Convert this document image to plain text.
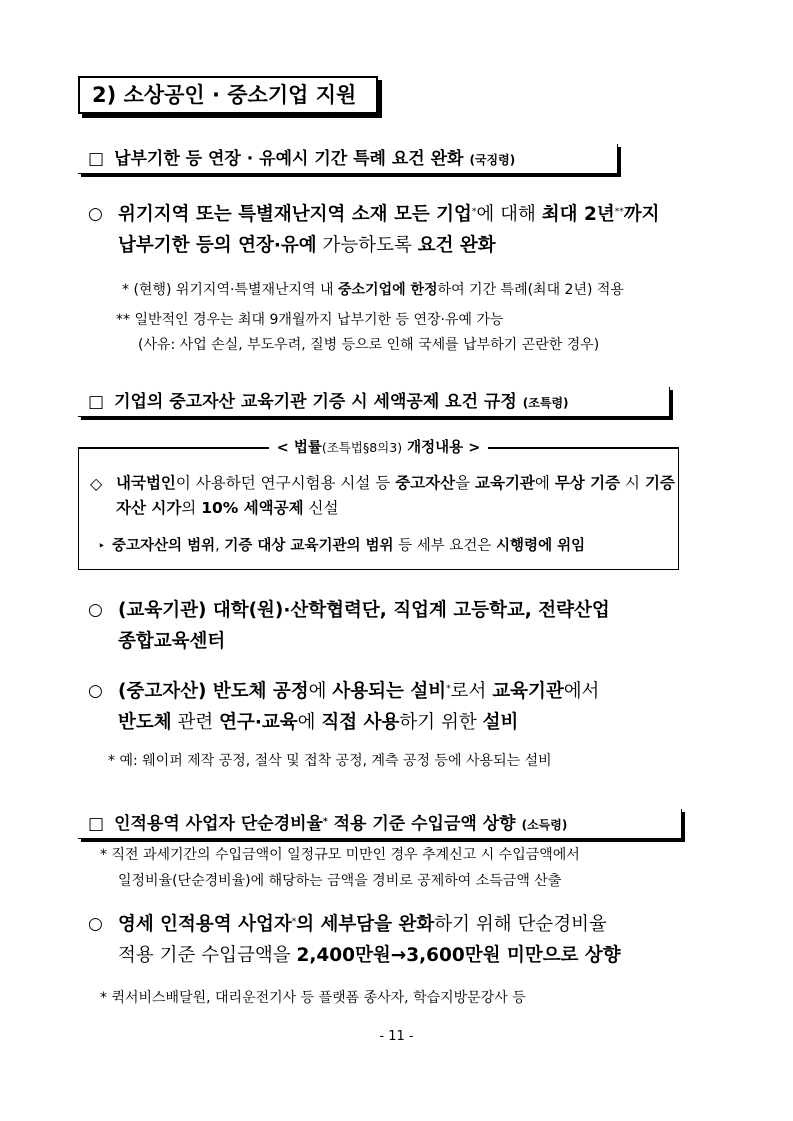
2) 소상공인 · 중소기업 지원
□ 납부기한 등 연장 · 유예시 기간 특례 요건 완화 (국징령)
○ 위기지역 또는 특별재난지역 소재 모든 기업*에 대해 최대 2년**까지
납부기한 등의 연장·유예 가능하도록 요건 완화
* (현행) 위기지역·특별재난지역 내 중소기업에 한정하여 기간 특례(최대 2년) 적용
** 일반적인 경우는 최대 9개월까지 납부기한 등 연장·유예 가능
(사유: 사업 손실, 부도우려, 질병 등으로 인해 국세를 납부하기 곤란한 경우)
□ 기업의 중고자산 교육기관 기증 시 세액공제 요건 규정 (조특령)
< 법률(조특법§8의3) 개정내용 >
◇ 내국법인이 사용하던 연구시험용 시설 등 중고자산을 교육기관에 무상 기증 시 기증자산 시가의 10% 세액공제 신설
‣ 중고자산의 범위, 기증 대상 교육기관의 범위 등 세부 요건은 시행령에 위임
○ (교육기관) 대학(원)·산학협력단, 직업계 고등학교, 전략산업
종합교육센터
○ (중고자산) 반도체 공정에 사용되는 설비*로서 교육기관에서
반도체 관련 연구·교육에 직접 사용하기 위한 설비
* 예: 웨이퍼 제작 공정, 절삭 및 접착 공정, 계측 공정 등에 사용되는 설비
□ 인적용역 사업자 단순경비율* 적용 기준 수입금액 상향 (소득령)
* 직전 과세기간의 수입금액이 일정규모 미만인 경우 추계신고 시 수입금액에서
일정비율(단순경비율)에 해당하는 금액을 경비로 공제하여 소득금액 산출
○ 영세 인적용역 사업자*의 세부담을 완화하기 위해 단순경비율
적용 기준 수입금액을 2,400만원→3,600만원 미만으로 상향
* 퀵서비스배달원, 대리운전기사 등 플랫폼 종사자, 학습지방문강사 등
- 11 -
